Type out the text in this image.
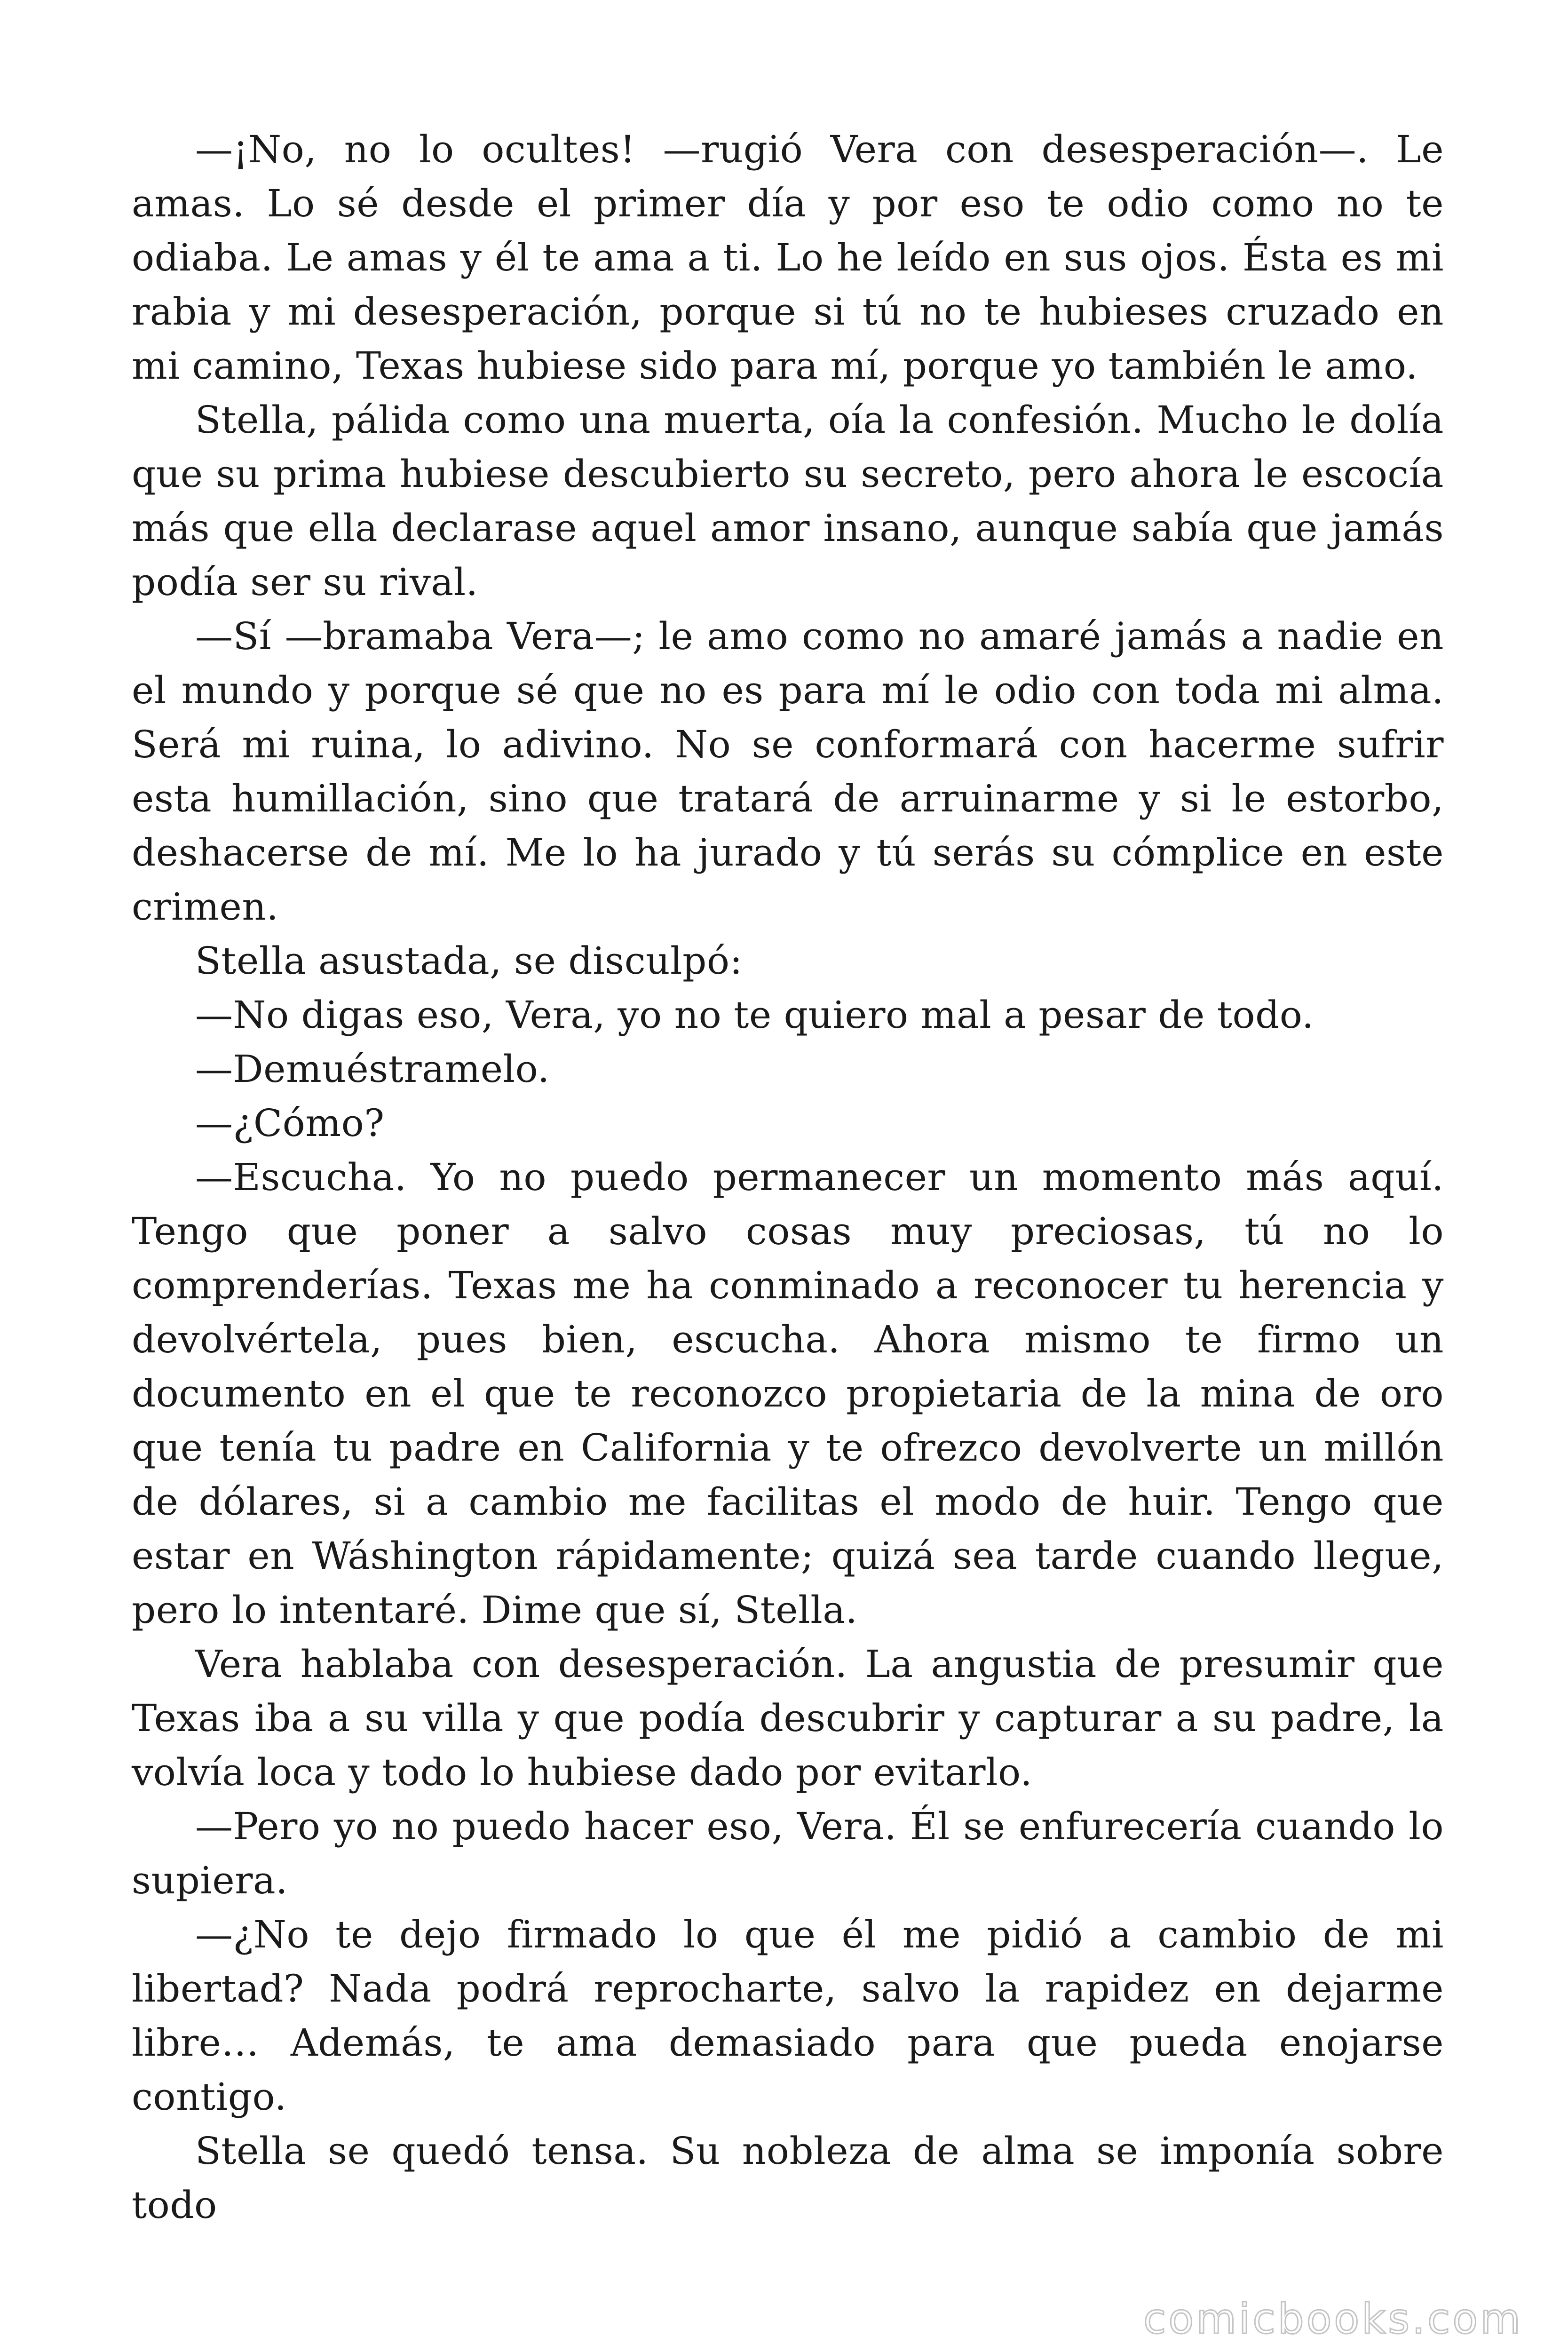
—¡No, no lo ocultes! —rugió Vera con desesperación—. Le amas. Lo sé desde el primer día y por eso te odio como no te odiaba. Le amas y él te ama a ti. Lo he leído en sus ojos. Ésta es mi rabia y mi desesperación, porque si tú no te hubieses cruzado en mi camino, Texas hubiese sido para mí, porque yo también le amo.

Stella, pálida como una muerta, oía la confesión. Mucho le dolía que su prima hubiese descubierto su secreto, pero ahora le escocía más que ella declarase aquel amor insano, aunque sabía que jamás podía ser su rival.

—Sí —bramaba Vera—; le amo como no amaré jamás a nadie en el mundo y porque sé que no es para mí le odio con toda mi alma. Será mi ruina, lo adivino. No se conformará con hacerme sufrir esta humillación, sino que tratará de arruinarme y si le estorbo, deshacerse de mí. Me lo ha jurado y tú serás su cómplice en este crimen.

Stella asustada, se disculpó:

—No digas eso, Vera, yo no te quiero mal a pesar de todo.

—Demuéstramelo.

—¿Cómo?

—Escucha. Yo no puedo permanecer un momento más aquí. Tengo que poner a salvo cosas muy preciosas, tú no lo comprenderías. Texas me ha conminado a reconocer tu herencia y devolvértela, pues bien, escucha. Ahora mismo te firmo un documento en el que te reconozco propietaria de la mina de oro que tenía tu padre en California y te ofrezco devolverte un millón de dólares, si a cambio me facilitas el modo de huir. Tengo que estar en Wáshington rápidamente; quizá sea tarde cuando llegue, pero lo intentaré. Dime que sí, Stella.

Vera hablaba con desesperación. La angustia de presumir que Texas iba a su villa y que podía descubrir y capturar a su padre, la volvía loca y todo lo hubiese dado por evitarlo.

—Pero yo no puedo hacer eso, Vera. Él se enfurecería cuando lo supiera.

—¿No te dejo firmado lo que él me pidió a cambio de mi libertad? Nada podrá reprocharte, salvo la rapidez en dejarme libre… Además, te ama demasiado para que pueda enojarse contigo.

Stella se quedó tensa. Su nobleza de alma se imponía sobre todo

comicbooks.com
